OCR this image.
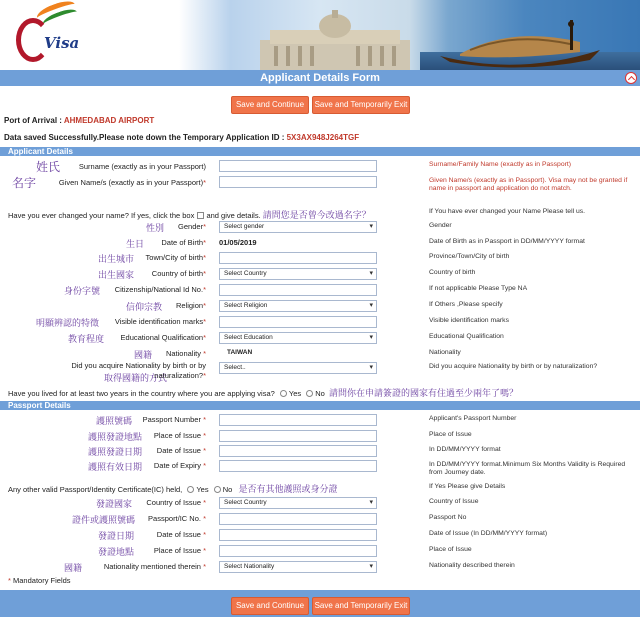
Visa
Applicant Details Form
Save and Continue	Save and Temporarily Exit
Port of Arrival : AHMEDABAD AIRPORT
Data saved Successfully.Please note down the Temporary Application ID : 5X3AX948J264TGF
Applicant Details
姓氏	Surname (exactly as in your Passport)	Surname/Family Name (exactly as in Passport)
名字	Given Name/s (exactly as in your Passport)*	Given Name/s (exactly as in Passport). Visa may not be granted if name in passport and application do not match.
Have you ever changed your name? If yes, click the box and give details. 請問您是否曾今改過名字？	If You have ever changed your Name Please tell us.
性別 Gender*	Select gender ▾	Gender
生日 Date of Birth* 01/05/2019	Date of Birth as in Passport in DD/MM/YYYY format
出生城市 Town/City of birth*	Province/Town/City of birth
出生國家 Country of birth*	Select Country ▾	Country of birth
身份字號 Citizenship/National Id No.*	If not applicable Please Type NA
信仰宗教 Religion*	Select Religion ▾	If Others ,Please specify
明顯辨認的特徵 Visible identification marks*	Visible identification marks
教育程度 Educational Qualification*	Select Education ▾	Educational Qualification
國籍 Nationality *	TAIWAN	Nationality
Did you acquire Nationality by birth or by
取得國籍的方式
naturalization?*
Select.. ▾	Did you acquire Nationality by birth or by naturalization?
Have you lived for at least two years in the country where you are applying visa? Yes No 請問你在申請簽證的國家有住過至少兩年了嗎？
Passport Details
護照號碼 Passport Number *	Applicant's Passport Number
護照發證地點 Place of Issue *	Place of Issue
護照發證日期 Date of Issue *	In DD/MM/YYYY format
護照有效日期 Date of Expiry *	In DD/MM/YYYY format.Minimum Six Months Validity is Required from Journey date.
Any other valid Passport/Identity Certificate(IC) held, Yes No 是否有其他護照或身分證	If Yes Please give Details
發證國家 Country of Issue *	Select Country ▾	Country of Issue
證件或護照號碼 Passport/IC No. *	Passport No
發證日期	Date of Issue *	Date of Issue (In DD/MM/YYYY format)
發證地點	Place of Issue *	Place of Issue
國籍	Nationality mentioned therein *	Select Nationality ▾	Nationality described therein
* Mandatory Fields
Save and Continue	Save and Temporarily Exit
